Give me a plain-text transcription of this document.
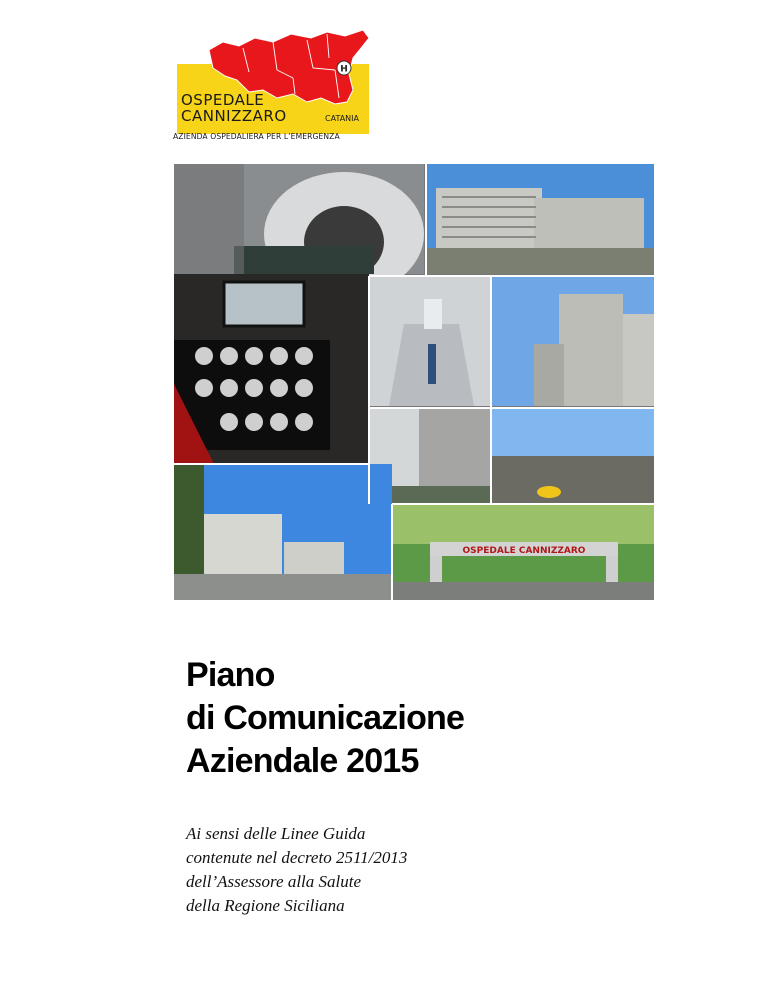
H
OSPEDALE
CANNIZZARO	CATANIA
AZIENDA OSPEDALIERA PER L’EMERGENZA
OSPEDALE CANNIZZARO
Piano
di Comunicazione
Aziendale 2015
Ai sensi delle Linee Guida
contenute nel decreto 2511/2013
dell’Assessore alla Salute
della Regione Siciliana
